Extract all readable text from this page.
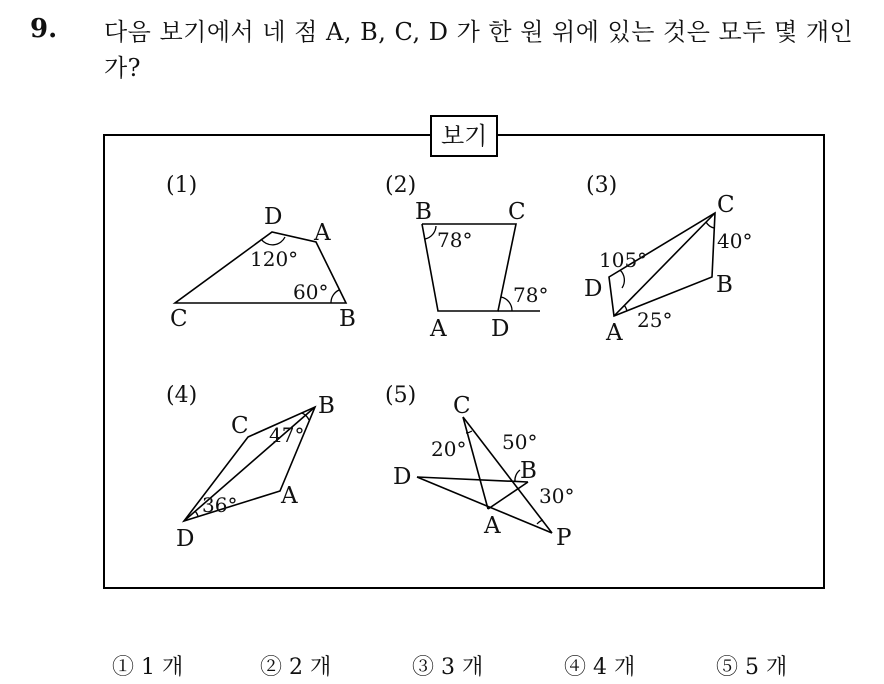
9. 다음 보기에서 네 점 A, B, C, D 가 한 원 위에 있는 것은 모두 몇 개인가?
보기
(1)
D
A
C	B
120°
60°
(2)
B	C
A D
78°
78°
(3)
C
B
D
A
105°
40°
25°
(4)
C
B
A
D
47°
36°
(5) C
D	B
A P
20° 50°
30°
① 1 개	② 2 개	③ 3 개	④ 4 개	⑤ 5 개
